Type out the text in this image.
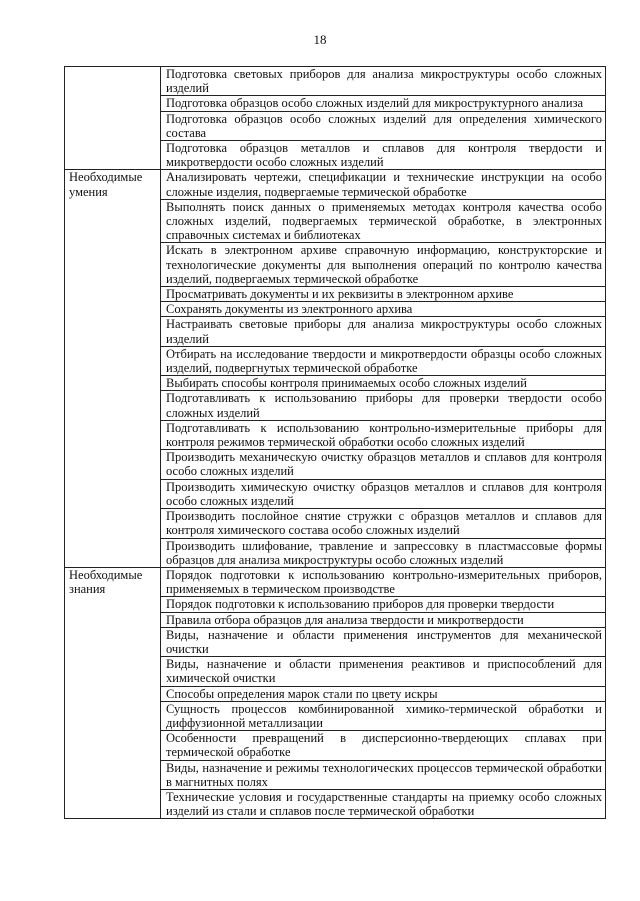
18
	Подготовка световых приборов для анализа микроструктуры особо сложных изделий
	Подготовка образцов особо сложных изделий для микроструктурного анализа
	Подготовка образцов особо сложных изделий для определения химического состава
	Подготовка образцов металлов и сплавов для контроля твердости и микротвердости особо сложных изделий
Необходимые умения	Анализировать чертежи, спецификации и технические инструкции на особо сложные изделия, подвергаемые термической обработке
	Выполнять поиск данных о применяемых методах контроля качества особо сложных изделий, подвергаемых термической обработке, в электронных справочных системах и библиотеках
	Искать в электронном архиве справочную информацию, конструкторские и технологические документы для выполнения операций по контролю качества изделий, подвергаемых термической обработке
	Просматривать документы и их реквизиты в электронном архиве
	Сохранять документы из электронного архива
	Настраивать световые приборы для анализа микроструктуры особо сложных изделий
	Отбирать на исследование твердости и микротвердости образцы особо сложных изделий, подвергнутых термической обработке
	Выбирать способы контроля принимаемых особо сложных изделий
	Подготавливать к использованию приборы для проверки твердости особо сложных изделий
	Подготавливать к использованию контрольно-измерительные приборы для контроля режимов термической обработки особо сложных изделий
	Производить механическую очистку образцов металлов и сплавов для контроля особо сложных изделий
	Производить химическую очистку образцов металлов и сплавов для контроля особо сложных изделий
	Производить послойное снятие стружки с образцов металлов и сплавов для контроля химического состава особо сложных изделий
	Производить шлифование, травление и запрессовку в пластмассовые формы образцов для анализа микроструктуры особо сложных изделий
Необходимые знания	Порядок подготовки к использованию контрольно-измерительных приборов, применяемых в термическом производстве
	Порядок подготовки к использованию приборов для проверки твердости
	Правила отбора образцов для анализа твердости и микротвердости
	Виды, назначение и области применения инструментов для механической очистки
	Виды, назначение и области применения реактивов и приспособлений для химической очистки
	Способы определения марок стали по цвету искры
	Сущность процессов комбинированной химико-термической обработки и диффузионной металлизации
	Особенности превращений в дисперсионно-твердеющих сплавах при термической обработке
	Виды, назначение и режимы технологических процессов термической обработки в магнитных полях
	Технические условия и государственные стандарты на приемку особо сложных изделий из стали и сплавов после термической обработки
